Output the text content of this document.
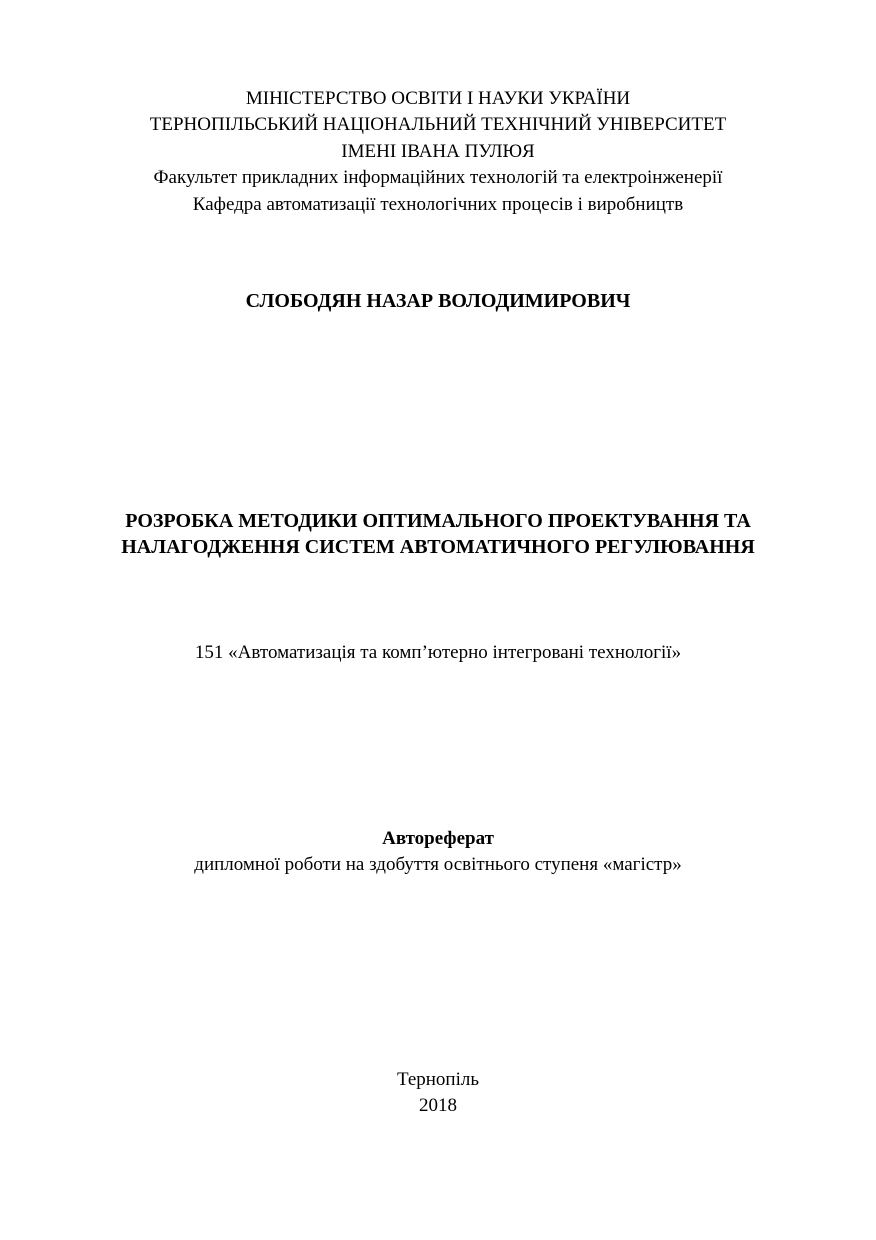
МІНІСТЕРСТВО ОСВІТИ І НАУКИ УКРАЇНИ
ТЕРНОПІЛЬСЬКИЙ НАЦІОНАЛЬНИЙ ТЕХНІЧНИЙ УНІВЕРСИТЕТ
ІМЕНІ ІВАНА ПУЛЮЯ
Факультет прикладних інформаційних технологій та електроінженерії
Кафедра автоматизації технологічних процесів і виробництв
СЛОБОДЯН НАЗАР ВОЛОДИМИРОВИЧ
РОЗРОБКА МЕТОДИКИ ОПТИМАЛЬНОГО ПРОЕКТУВАННЯ ТА
НАЛАГОДЖЕННЯ СИСТЕМ АВТОМАТИЧНОГО РЕГУЛЮВАННЯ
151 «Автоматизація та комп’ютерно інтегровані технології»
Автореферат
дипломної роботи на здобуття освітнього ступеня «магістр»
Тернопіль
2018
